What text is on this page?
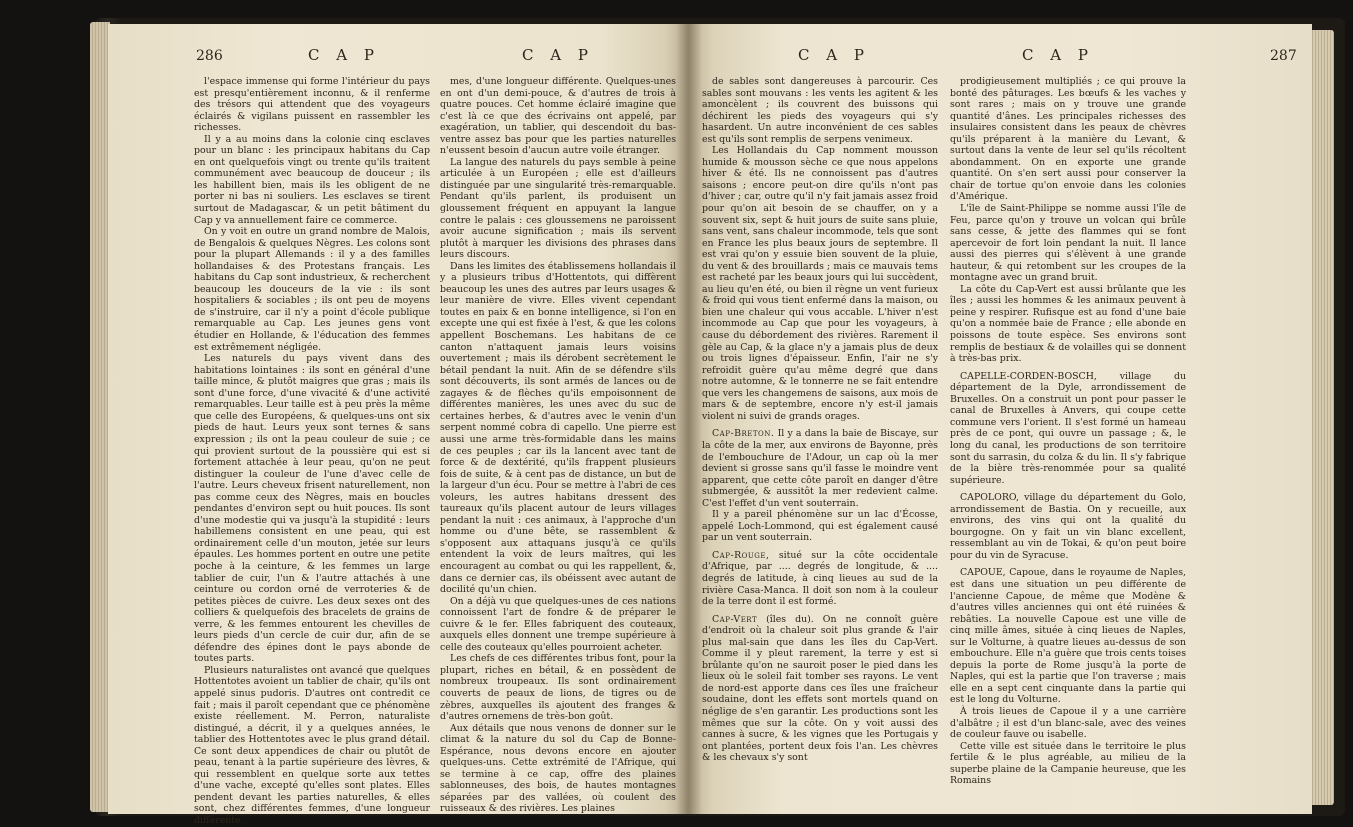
286	C A P	C A P

l'espace immense qui forme l'intérieur du pays est presqu'entièrement inconnu, & il renferme des trésors qui attendent que des voyageurs éclairés & vigilans puissent en rassembler les richesses.

Il y a au moins dans la colonie cinq esclaves pour un blanc : les principaux habitans du Cap en ont quelquefois vingt ou trente qu'ils traitent communément avec beaucoup de douceur ; ils les habillent bien, mais ils les obligent de ne porter ni bas ni souliers. Les esclaves se tirent surtout de Madagascar, & un petit bâtiment du Cap y va annuellement faire ce commerce.

On y voit en outre un grand nombre de Malois, de Bengalois & quelques Nègres. Les colons sont pour la plupart Allemands : il y a des familles hollandaises & des Protestans français. Les habitans du Cap sont industrieux, & recherchent beaucoup les douceurs de la vie : ils sont hospitaliers & sociables ; ils ont peu de moyens de s'instruire, car il n'y a point d'école publique remarquable au Cap. Les jeunes gens vont étudier en Hollande, & l'éducation des femmes est extrêmement négligée.

Les naturels du pays vivent dans des habitations lointaines : ils sont en général d'une taille mince, & plutôt maigres que gras ; mais ils sont d'une force, d'une vivacité & d'une activité remarquables. Leur taille est à peu près la même que celle des Européens, & quelques-uns ont six pieds de haut. Leurs yeux sont ternes & sans expression ; ils ont la peau couleur de suie ; ce qui provient surtout de la poussière qui est si fortement attachée à leur peau, qu'on ne peut distinguer la couleur de l'une d'avec celle de l'autre. Leurs cheveux frisent naturellement, non pas comme ceux des Nègres, mais en boucles pendantes d'environ sept ou huit pouces. Ils sont d'une modestie qui va jusqu'à la stupidité : leurs habillemens consistent en une peau, qui est ordinairement celle d'un mouton, jetée sur leurs épaules. Les hommes portent en outre une petite poche à la ceinture, & les femmes un large tablier de cuir, l'un & l'autre attachés à une ceinture ou cordon orné de verroteries & de petites pièces de cuivre. Les deux sexes ont des colliers & quelquefois des bracelets de grains de verre, & les femmes entourent les chevilles de leurs pieds d'un cercle de cuir dur, afin de se défendre des épines dont le pays abonde de toutes parts.

Plusieurs naturalistes ont avancé que quelques Hottentotes avoient un tablier de chair, qu'ils ont appelé sinus pudoris. D'autres ont contredit ce fait ; mais il paroît cependant que ce phénomène existe réellement. M. Perron, naturaliste distingué, a décrit, il y a quelques années, le tablier des Hottentotes avec le plus grand détail. Ce sont deux appendices de chair ou plutôt de peau, tenant à la partie supérieure des lèvres, & qui ressemblent en quelque sorte aux tettes d'une vache, excepté qu'elles sont plates. Elles pendent devant les parties naturelles, & elles sont, chez différentes femmes, d'une longueur différente.

mes, d'une longueur différente. Quelques-unes en ont d'un demi-pouce, & d'autres de trois à quatre pouces. Cet homme éclairé imagine que c'est là ce que des écrivains ont appelé, par exagération, un tablier, qui descendoit du bas-ventre assez bas pour que les parties naturelles n'eussent besoin d'aucun autre voile étranger.

La langue des naturels du pays semble à peine articulée à un Européen ; elle est d'ailleurs distinguée par une singularité très-remarquable. Pendant qu'ils parlent, ils produisent un gloussement fréquent en appuyant la langue contre le palais : ces gloussemens ne paroissent avoir aucune signification ; mais ils servent plutôt à marquer les divisions des phrases dans leurs discours.

Dans les limites des établissemens hollandais il y a plusieurs tribus d'Hottentots, qui diffèrent beaucoup les unes des autres par leurs usages & leur manière de vivre. Elles vivent cependant toutes en paix & en bonne intelligence, si l'on en excepte une qui est fixée à l'est, & que les colons appellent Boschemans. Les habitans de ce canton n'attaquent jamais leurs voisins ouvertement ; mais ils dérobent secrètement le bétail pendant la nuit. Afin de se défendre s'ils sont découverts, ils sont armés de lances ou de zagayes & de flèches qu'ils empoisonnent de différentes manières, les unes avec du suc de certaines herbes, & d'autres avec le venin d'un serpent nommé cobra di capello. Une pierre est aussi une arme très-formidable dans les mains de ces peuples ; car ils la lancent avec tant de force & de dextérité, qu'ils frappent plusieurs fois de suite, & à cent pas de distance, un but de la largeur d'un écu. Pour se mettre à l'abri de ces voleurs, les autres habitans dressent des taureaux qu'ils placent autour de leurs villages pendant la nuit : ces animaux, à l'approche d'un homme ou d'une bête, se rassemblent & s'opposent aux attaquans jusqu'à ce qu'ils entendent la voix de leurs maîtres, qui les encouragent au combat ou qui les rappellent, &, dans ce dernier cas, ils obéissent avec autant de docilité qu'un chien.

On a déjà vu que quelques-unes de ces nations connoissent l'art de fondre & de préparer le cuivre & le fer. Elles fabriquent des couteaux, auxquels elles donnent une trempe supérieure à celle des couteaux qu'elles pourroient acheter.

Les chefs de ces différentes tribus font, pour la plupart, riches en bétail, & en possèdent de nombreux troupeaux. Ils sont ordinairement couverts de peaux de lions, de tigres ou de zèbres, auxquelles ils ajoutent des franges & d'autres ornemens de très-bon goût.

Aux détails que nous venons de donner sur le climat & la nature du sol du Cap de Bonne-Espérance, nous devons encore en ajouter quelques-uns. Cette extrémité de l'Afrique, qui se termine à ce cap, offre des plaines sablonneuses, des bois, de hautes montagnes séparées par des vallées, où coulent des ruisseaux & des rivières. Les plaines

C A P	C A P	287

de sables sont dangereuses à parcourir. Ces sables sont mouvans : les vents les agitent & les amoncèlent ; ils couvrent des buissons qui déchirent les pieds des voyageurs qui s'y hasardent. Un autre inconvénient de ces sables est qu'ils sont remplis de serpens venimeux.

Les Hollandais du Cap nomment mousson humide & mousson sèche ce que nous appelons hiver & été. Ils ne connoissent pas d'autres saisons ; encore peut-on dire qu'ils n'ont pas d'hiver ; car, outre qu'il n'y fait jamais assez froid pour qu'on ait besoin de se chauffer, on y a souvent six, sept & huit jours de suite sans pluie, sans vent, sans chaleur incommode, tels que sont en France les plus beaux jours de septembre. Il est vrai qu'on y essuie bien souvent de la pluie, du vent & des brouillards ; mais ce mauvais tems est racheté par les beaux jours qui lui succèdent, au lieu qu'en été, ou bien il règne un vent furieux & froid qui vous tient enfermé dans la maison, ou bien une chaleur qui vous accable. L'hiver n'est incommode au Cap que pour les voyageurs, à cause du débordement des rivières. Rarement il gèle au Cap, & la glace n'y a jamais plus de deux ou trois lignes d'épaisseur. Enfin, l'air ne s'y refroidit guère qu'au même degré que dans notre automne, & le tonnerre ne se fait entendre que vers les changemens de saisons, aux mois de mars & de septembre, encore n'y est-il jamais violent ni suivi de grands orages.

Cap-Breton. Il y a dans la baie de Biscaye, sur la côte de la mer, aux environs de Bayonne, près de l'embouchure de l'Adour, un cap où la mer devient si grosse sans qu'il fasse le moindre vent apparent, que cette côte paroît en danger d'être submergée, & aussitôt la mer redevient calme. C'est l'effet d'un vent souterrain.

Il y a pareil phénomène sur un lac d'Écosse, appelé Loch-Lommond, qui est également causé par un vent souterrain.

Cap-Rouge, situé sur la côte occidentale d'Afrique, par .... degrés de longitude, & .... degrés de latitude, à cinq lieues au sud de la rivière Casa-Manca. Il doit son nom à la couleur de la terre dont il est formé.

Cap-Vert (îles du). On ne connoît guère d'endroit où la chaleur soit plus grande & l'air plus mal-sain que dans les îles du Cap-Vert. Comme il y pleut rarement, la terre y est si brûlante qu'on ne sauroit poser le pied dans les lieux où le soleil fait tomber ses rayons. Le vent de nord-est apporte dans ces îles une fraîcheur soudaine, dont les effets sont mortels quand on néglige de s'en garantir. Les productions sont les mêmes que sur la côte. On y voit aussi des cannes à sucre, & les vignes que les Portugais y ont plantées, portent deux fois l'an. Les chèvres & les chevaux s'y sont

prodigieusement multipliés ; ce qui prouve la bonté des pâturages. Les bœufs & les vaches y sont rares ; mais on y trouve une grande quantité d'ânes. Les principales richesses des insulaires consistent dans les peaux de chèvres qu'ils préparent à la manière du Levant, & surtout dans la vente de leur sel qu'ils récoltent abondamment. On en exporte une grande quantité. On s'en sert aussi pour conserver la chair de tortue qu'on envoie dans les colonies d'Amérique.

L'île de Saint-Philippe se nomme aussi l'île de Feu, parce qu'on y trouve un volcan qui brûle sans cesse, & jette des flammes qui se font apercevoir de fort loin pendant la nuit. Il lance aussi des pierres qui s'élèvent à une grande hauteur, & qui retombent sur les croupes de la montagne avec un grand bruit.

La côte du Cap-Vert est aussi brûlante que les îles ; aussi les hommes & les animaux peuvent à peine y respirer. Rufisque est au fond d'une baie qu'on a nommée baie de France ; elle abonde en poissons de toute espèce. Ses environs sont remplis de bestiaux & de volailles qui se donnent à très-bas prix.

CAPELLE-CORDEN-BOSCH, village du département de la Dyle, arrondissement de Bruxelles. On a construit un pont pour passer le canal de Bruxelles à Anvers, qui coupe cette commune vers l'orient. Il s'est formé un hameau près de ce pont, qui ouvre un passage ; &, le long du canal, les productions de son territoire sont du sarrasin, du colza & du lin. Il s'y fabrique de la bière très-renommée pour sa qualité supérieure.

CAPOLORO, village du département du Golo, arrondissement de Bastia. On y recueille, aux environs, des vins qui ont la qualité du bourgogne. On y fait un vin blanc excellent, ressemblant au vin de Tokai, & qu'on peut boire pour du vin de Syracuse.

CAPOUE, Capoue, dans le royaume de Naples, est dans une situation un peu différente de l'ancienne Capoue, de même que Modène & d'autres villes anciennes qui ont été ruinées & rebâties. La nouvelle Capoue est une ville de cinq mille âmes, située à cinq lieues de Naples, sur le Volturne, à quatre lieues au-dessus de son embouchure. Elle n'a guère que trois cents toises depuis la porte de Rome jusqu'à la porte de Naples, qui est la partie que l'on traverse ; mais elle en a sept cent cinquante dans la partie qui est le long du Volturne.

À trois lieues de Capoue il y a une carrière d'albâtre ; il est d'un blanc-sale, avec des veines de couleur fauve ou isabelle.

Cette ville est située dans le territoire le plus fertile & le plus agréable, au milieu de la superbe plaine de la Campanie heureuse, que les Romains
